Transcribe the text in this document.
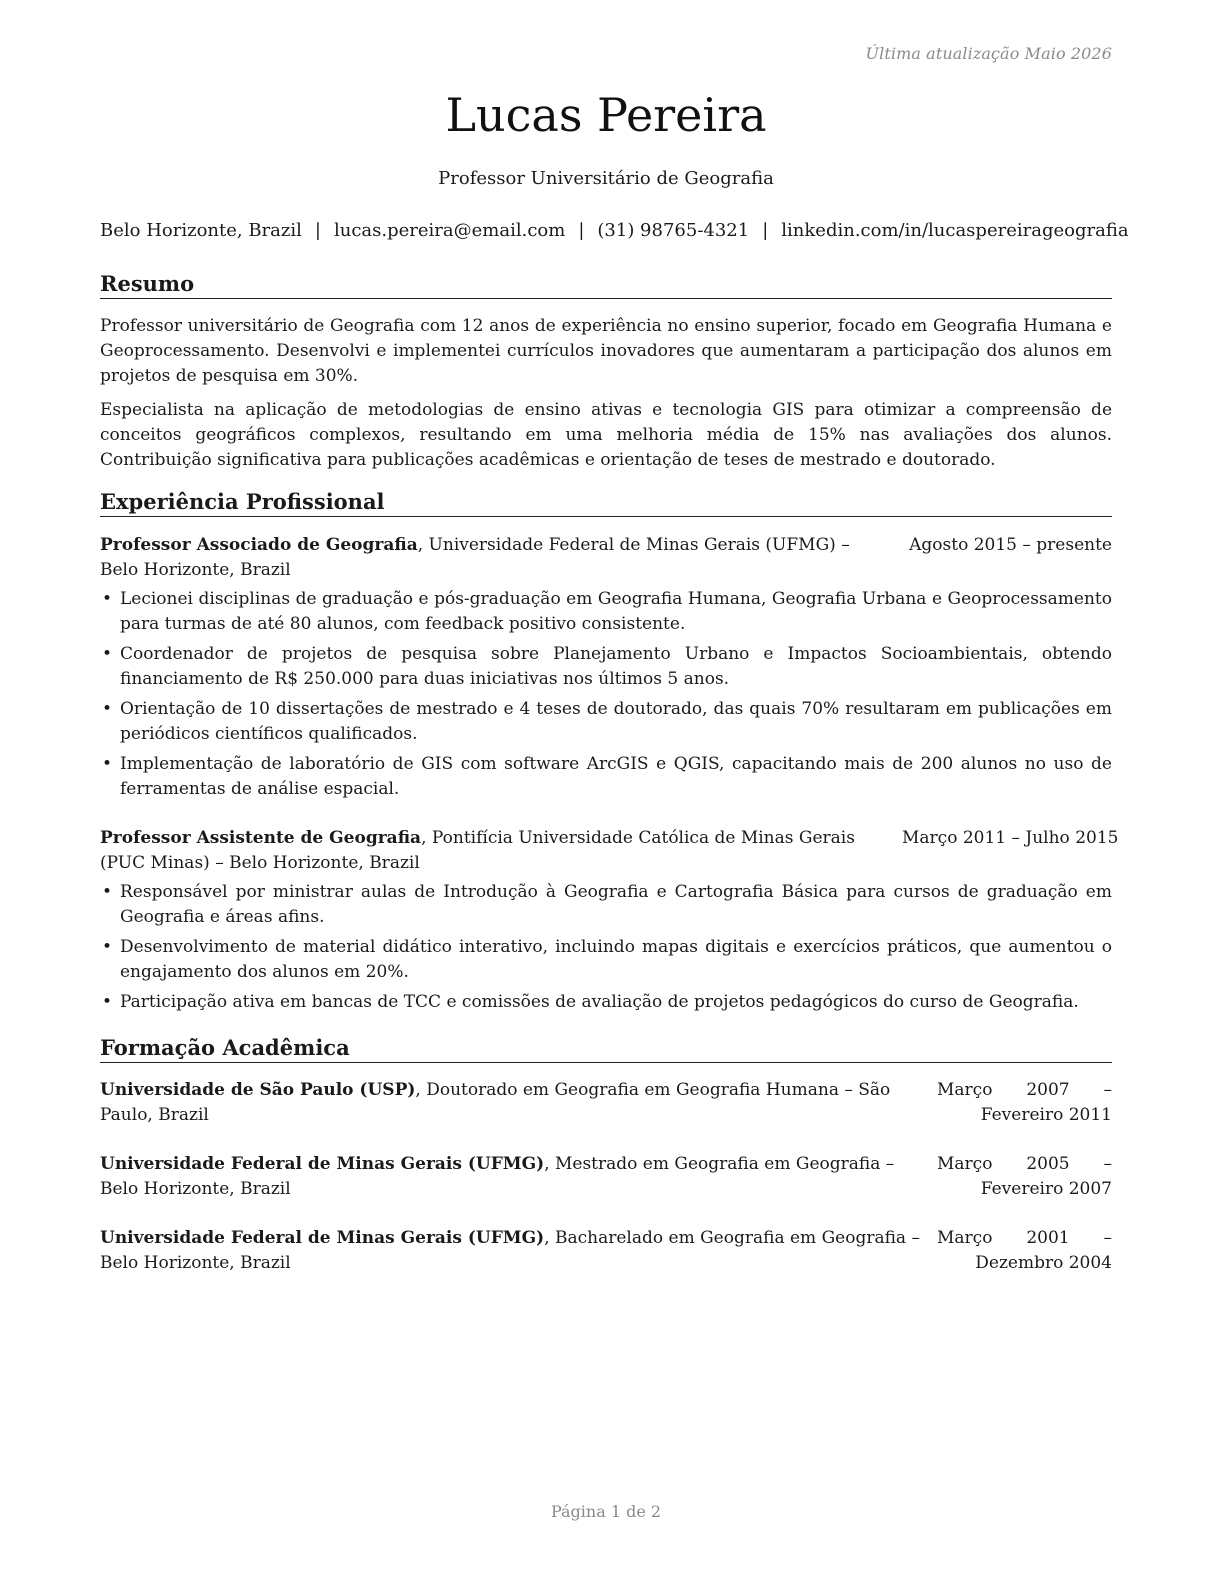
Última atualização Maio 2026
Lucas Pereira
Professor Universitário de Geografia
Belo Horizonte, Brazil | lucas.pereira@email.com | (31) 98765-4321 | linkedin.com/in/lucaspereirageografia
Resumo

Professor universitário de Geografia com 12 anos de experiência no ensino superior, focado em Geografia Humana e Geoprocessamento. Desenvolvi e implementei currículos inovadores que aumentaram a participação dos alunos em projetos de pesquisa em 30%.

Especialista na aplicação de metodologias de ensino ativas e tecnologia GIS para otimizar a compreensão de conceitos geográficos complexos, resultando em uma melhoria média de 15% nas avaliações dos alunos. Contribuição significativa para publicações acadêmicas e orientação de teses de mestrado e doutorado.

Experiência Profissional
Professor Associado de Geografia, Universidade Federal de Minas Gerais (UFMG) – Belo Horizonte, Brazil
Agosto 2015 – presente
• Lecionei disciplinas de graduação e pós-graduação em Geografia Humana, Geografia Urbana e Geoprocessamento para turmas de até 80 alunos, com feedback positivo consistente.
• Coordenador de projetos de pesquisa sobre Planejamento Urbano e Impactos Socioambientais, obtendo financiamento de R$ 250.000 para duas iniciativas nos últimos 5 anos.
• Orientação de 10 dissertações de mestrado e 4 teses de doutorado, das quais 70% resultaram em publicações em periódicos científicos qualificados.
• Implementação de laboratório de GIS com software ArcGIS e QGIS, capacitando mais de 200 alunos no uso de ferramentas de análise espacial.
Professor Assistente de Geografia, Pontifícia Universidade Católica de Minas Gerais (PUC Minas) – Belo Horizonte, Brazil
Março 2011 – Julho 2015
• Responsável por ministrar aulas de Introdução à Geografia e Cartografia Básica para cursos de graduação em Geografia e áreas afins.
• Desenvolvimento de material didático interativo, incluindo mapas digitais e exercícios práticos, que aumentou o engajamento dos alunos em 20%.
• Participação ativa em bancas de TCC e comissões de avaliação de projetos pedagógicos do curso de Geografia.
Formação Acadêmica
Universidade de São Paulo (USP), Doutorado em Geografia em Geografia Humana – São Paulo, Brazil
Março 2007 – Fevereiro 2011
Universidade Federal de Minas Gerais (UFMG), Mestrado em Geografia em Geografia – Belo Horizonte, Brazil
Março 2005 – Fevereiro 2007
Universidade Federal de Minas Gerais (UFMG), Bacharelado em Geografia em Geografia – Belo Horizonte, Brazil
Março 2001 – Dezembro 2004
Página 1 de 2
